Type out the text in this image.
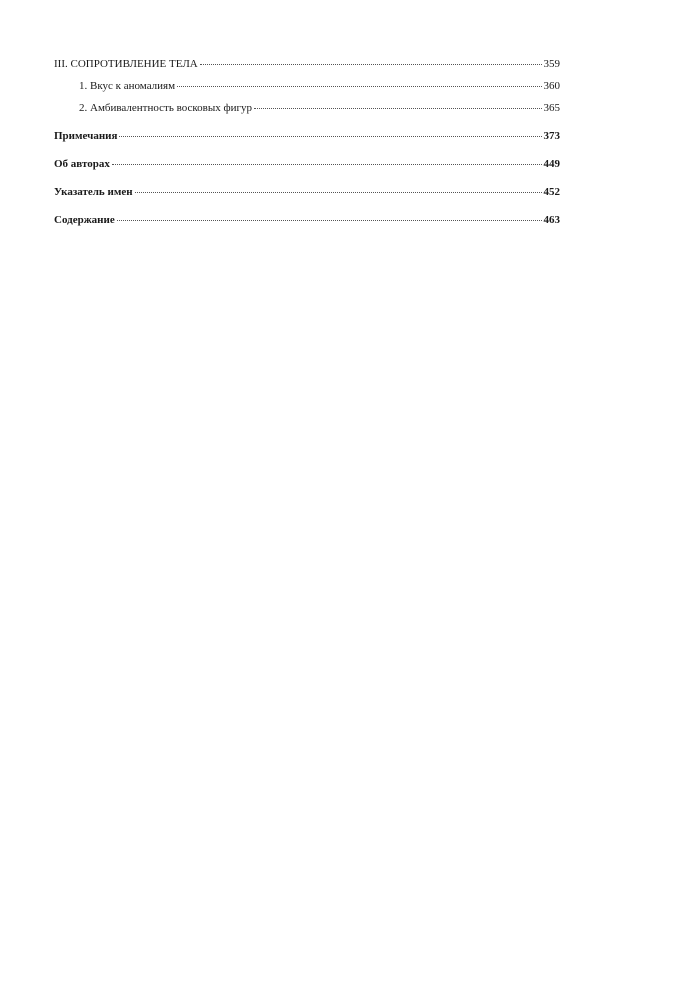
III. СОПРОТИВЛЕНИЕ ТЕЛА	359
1. Вкус к аномалиям	360
2. Амбивалентность восковых фигур	365
Примечания	373
Об авторах	449
Указатель имен	452
Содержание	463
